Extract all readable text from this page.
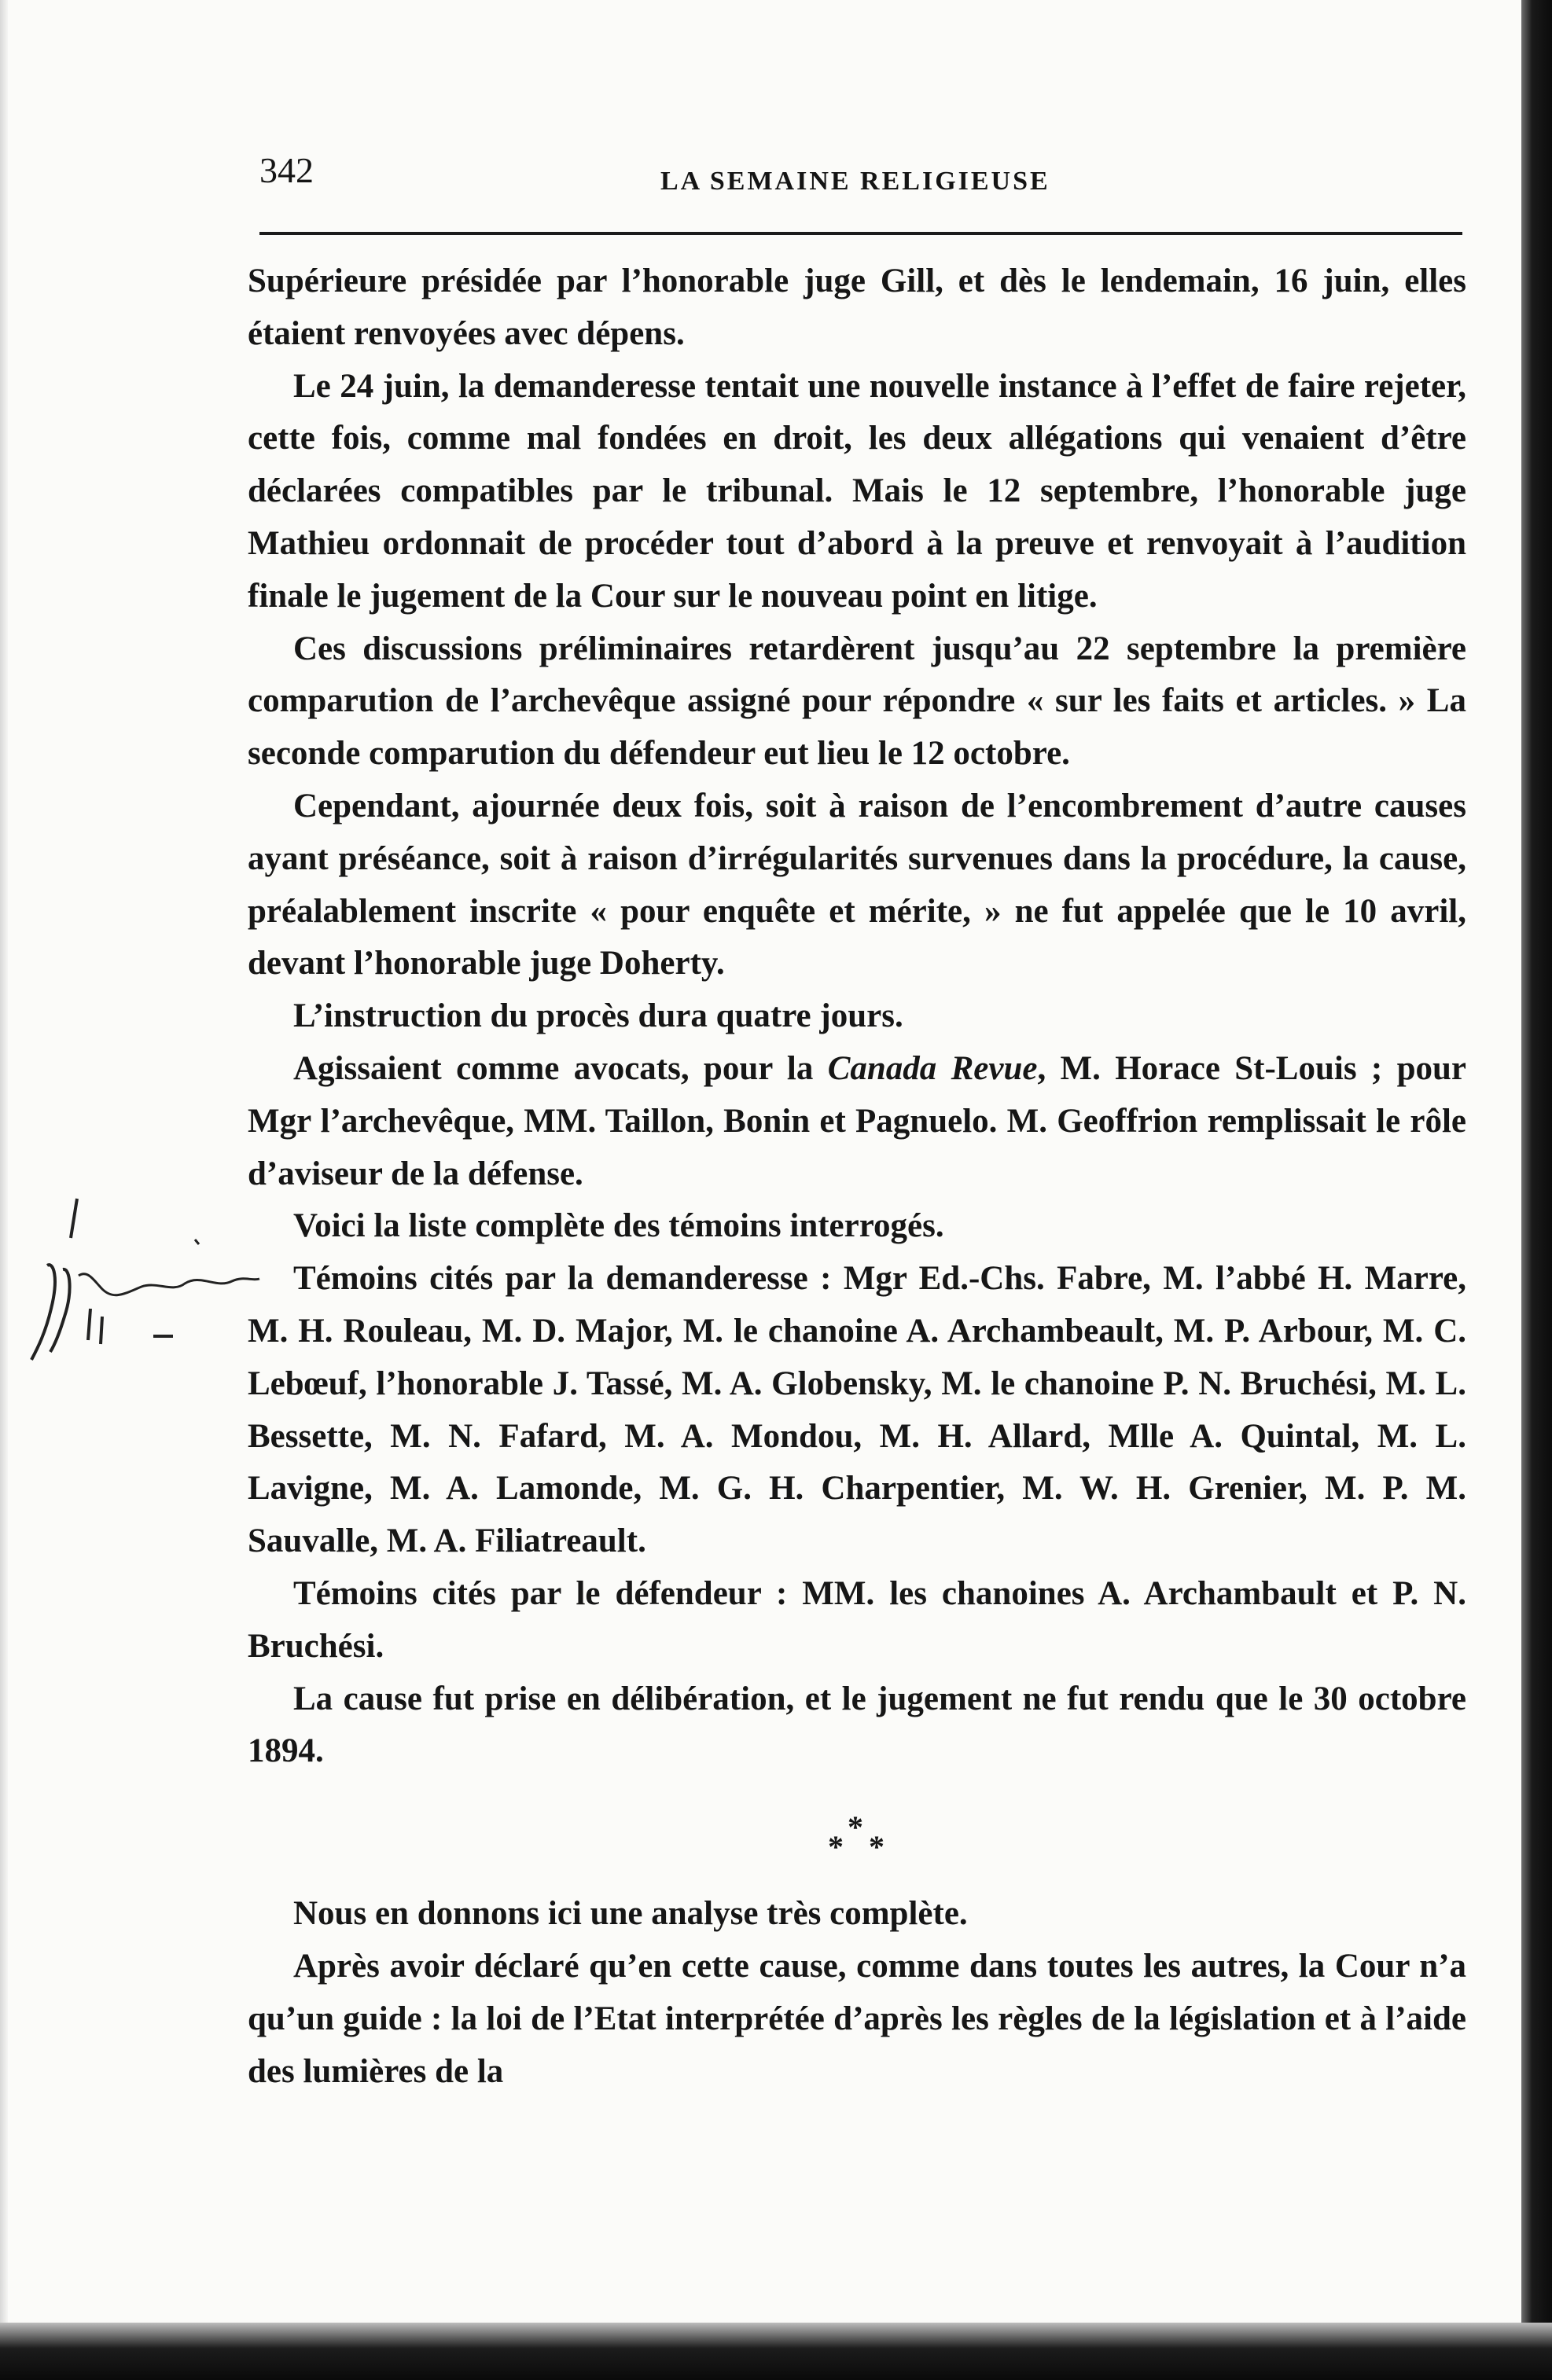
342	LA SEMAINE RELIGIEUSE

Supérieure présidée par l’honorable juge Gill, et dès le lendemain, 16 juin, elles étaient renvoyées avec dépens.

Le 24 juin, la demanderesse tentait une nouvelle instance à l’effet de faire rejeter, cette fois, comme mal fondées en droit, les deux allégations qui venaient d’être déclarées compatibles par le tribunal. Mais le 12 septembre, l’honorable juge Mathieu ordonnait de procéder tout d’abord à la preuve et renvoyait à l’audition finale le jugement de la Cour sur le nouveau point en litige.

Ces discussions préliminaires retardèrent jusqu’au 22 septembre la première comparution de l’archevêque assigné pour répondre « sur les faits et articles. » La seconde comparution du défendeur eut lieu le 12 octobre.

Cependant, ajournée deux fois, soit à raison de l’encombrement d’autre causes ayant préséance, soit à raison d’irrégularités survenues dans la procédure, la cause, préalablement inscrite « pour enquête et mérite, » ne fut appelée que le 10 avril, devant l’honorable juge Doherty.

L’instruction du procès dura quatre jours.

Agissaient comme avocats, pour la Canada Revue, M. Horace St-Louis ; pour Mgr l’archevêque, MM. Taillon, Bonin et Pagnuelo. M. Geoffrion remplissait le rôle d’aviseur de la défense.

Voici la liste complète des témoins interrogés.

Témoins cités par la demanderesse : Mgr Ed.-Chs. Fabre, M. l’abbé H. Marre, M. H. Rouleau, M. D. Major, M. le chanoine A. Archambeault, M. P. Arbour, M. C. Lebœuf, l’honorable J. Tassé, M. A. Globensky, M. le chanoine P. N. Bruchési, M. L. Bessette, M. N. Fafard, M. A. Mondou, M. H. Allard, Mlle A. Quintal, M. L. Lavigne, M. A. Lamonde, M. G. H. Charpentier, M. W. H. Grenier, M. P. M. Sauvalle, M. A. Filiatreault.

Témoins cités par le défendeur : MM. les chanoines A. Archambault et P. N. Bruchési.

La cause fut prise en délibération, et le jugement ne fut rendu que le 30 octobre 1894.

*
* *

Nous en donnons ici une analyse très complète.

Après avoir déclaré qu’en cette cause, comme dans toutes les autres, la Cour n’a qu’un guide : la loi de l’Etat interprétée d’après les règles de la législation et à l’aide des lumières de la
